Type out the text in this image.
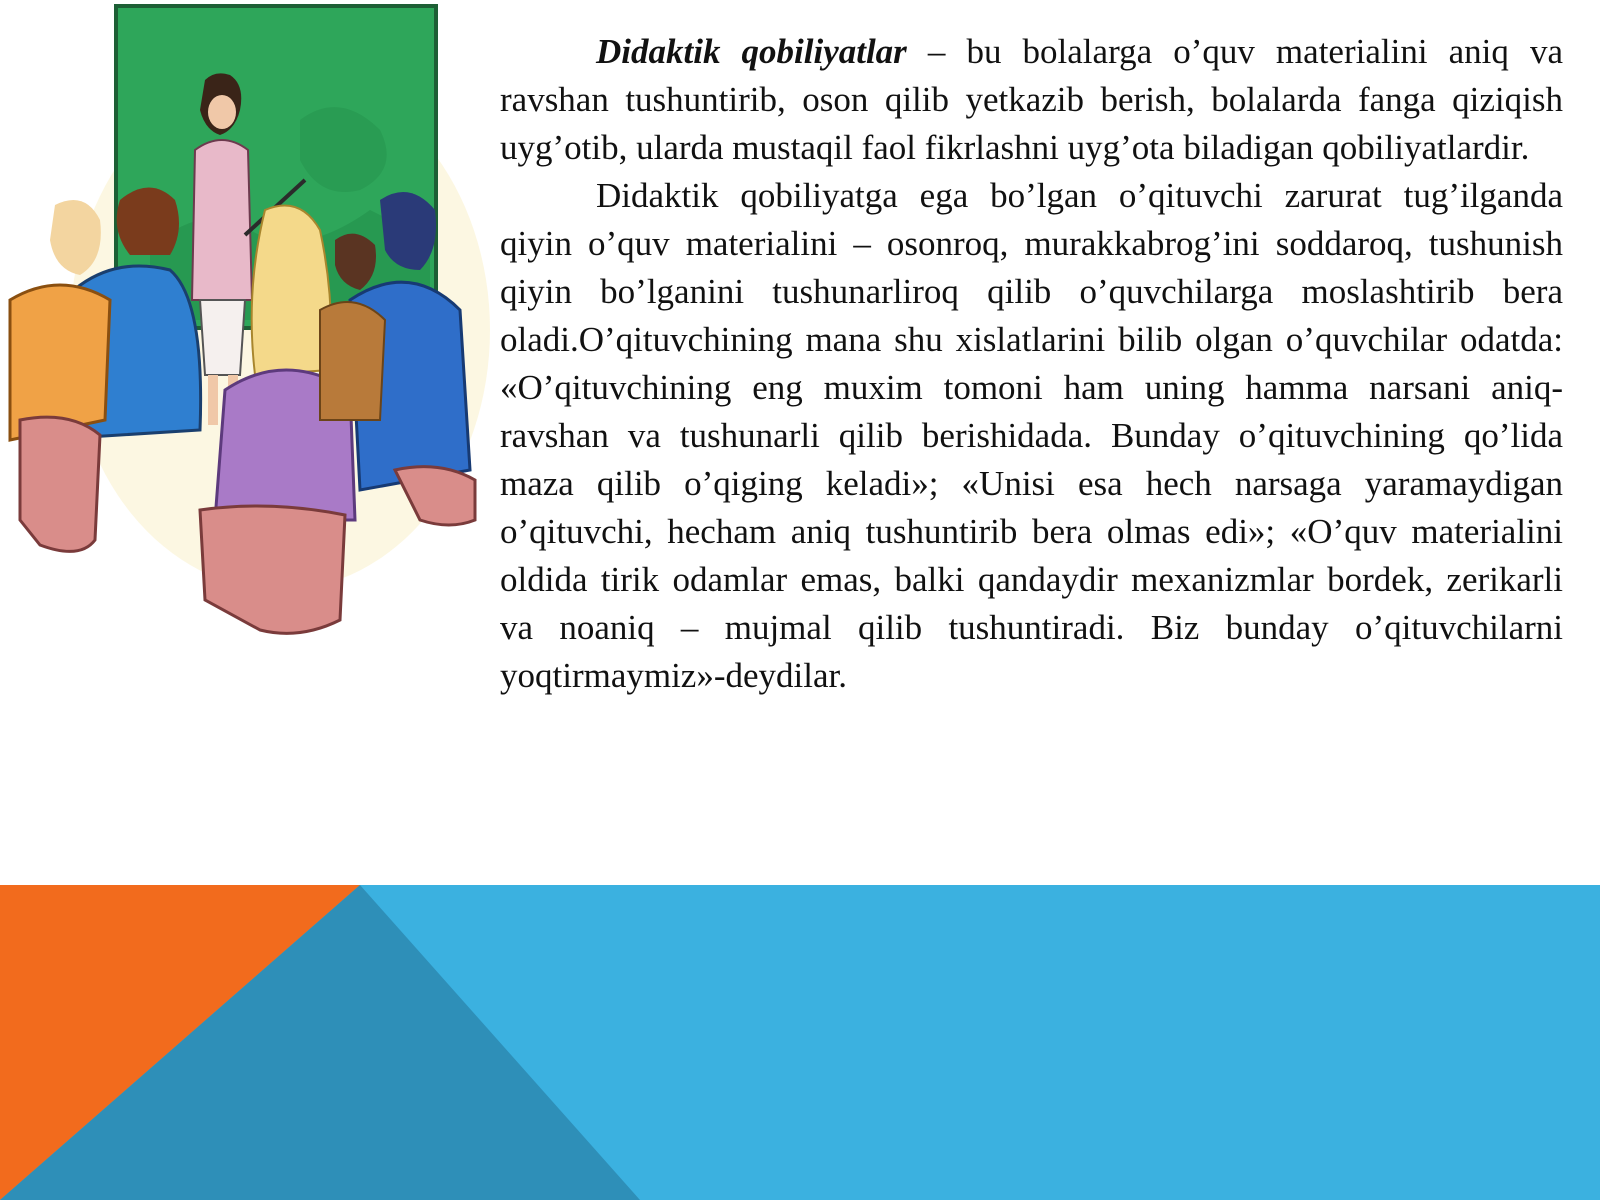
Didaktik qobiliyatlar – bu bolalarga o’quv materialini aniq va ravshan tushuntirib, oson qilib yetkazib berish, bolalarda fanga qiziqish uyg’otib, ularda mustaqil faol fikrlashni uyg’ota biladigan qobiliyatlardir.

Didaktik qobiliyatga ega bo’lgan o’qituvchi zarurat tug’ilganda qiyin o’quv materialini – osonroq, murakkabrog’ini soddaroq, tushunish qiyin bo’lganini tushunarliroq qilib o’quvchilarga moslashtirib bera oladi.O’qituvchining mana shu xislatlarini bilib olgan o’quvchilar odatda: «O’qituvchining eng muxim tomoni ham uning hamma narsani aniq-ravshan va tushunarli qilib berishidada. Bunday o’qituvchining qo’lida maza qilib o’qiging keladi»; «Unisi esa hech narsaga yaramaydigan o’qituvchi, hecham aniq tushuntirib bera olmas edi»; «O’quv materialini oldida tirik odamlar emas, balki qandaydir mexanizmlar bordek, zerikarli va noaniq – mujmal qilib tushuntiradi. Biz bunday o’qituvchilarni yoqtirmaymiz»-deydilar.
